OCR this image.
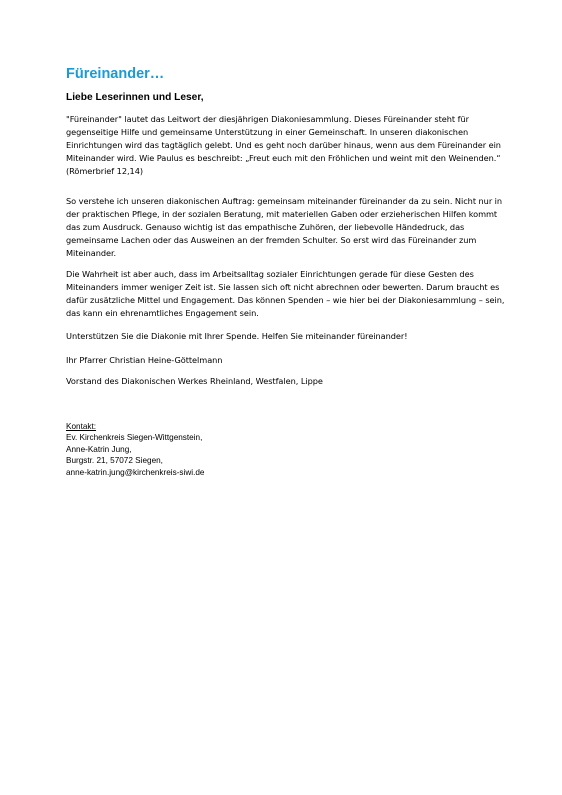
Füreinander…

Liebe Leserinnen und Leser,

"Füreinander" lautet das Leitwort der diesjährigen Diakoniesammlung. Dieses Füreinander steht für gegenseitige Hilfe und gemeinsame Unterstützung in einer Gemeinschaft. In unseren diakonischen Einrichtungen wird das tagtäglich gelebt. Und es geht noch darüber hinaus, wenn aus dem Füreinander ein Miteinander wird. Wie Paulus es beschreibt: „Freut euch mit den Fröhlichen und weint mit den Weinenden.“ (Römerbrief 12,14)

So verstehe ich unseren diakonischen Auftrag: gemeinsam miteinander füreinander da zu sein. Nicht nur in der praktischen Pflege, in der sozialen Beratung, mit materiellen Gaben oder erzieherischen Hilfen kommt das zum Ausdruck. Genauso wichtig ist das empathische Zuhören, der liebevolle Händedruck, das gemeinsame Lachen oder das Ausweinen an der fremden Schulter. So erst wird das Füreinander zum Miteinander.

Die Wahrheit ist aber auch, dass im Arbeitsalltag sozialer Einrichtungen gerade für diese Gesten des Miteinanders immer weniger Zeit ist. Sie lassen sich oft nicht abrechnen oder bewerten. Darum braucht es dafür zusätzliche Mittel und Engagement. Das können Spenden – wie hier bei der Diakoniesammlung – sein, das kann ein ehrenamtliches Engagement sein.

Unterstützen Sie die Diakonie mit Ihrer Spende. Helfen Sie miteinander füreinander!

Ihr Pfarrer Christian Heine-Göttelmann

Vorstand des Diakonischen Werkes Rheinland, Westfalen, Lippe

Kontakt:
Ev. Kirchenkreis Siegen-Wittgenstein,
Anne-Katrin Jung,
Burgstr. 21, 57072 Siegen,
anne-katrin.jung@kirchenkreis-siwi.de
